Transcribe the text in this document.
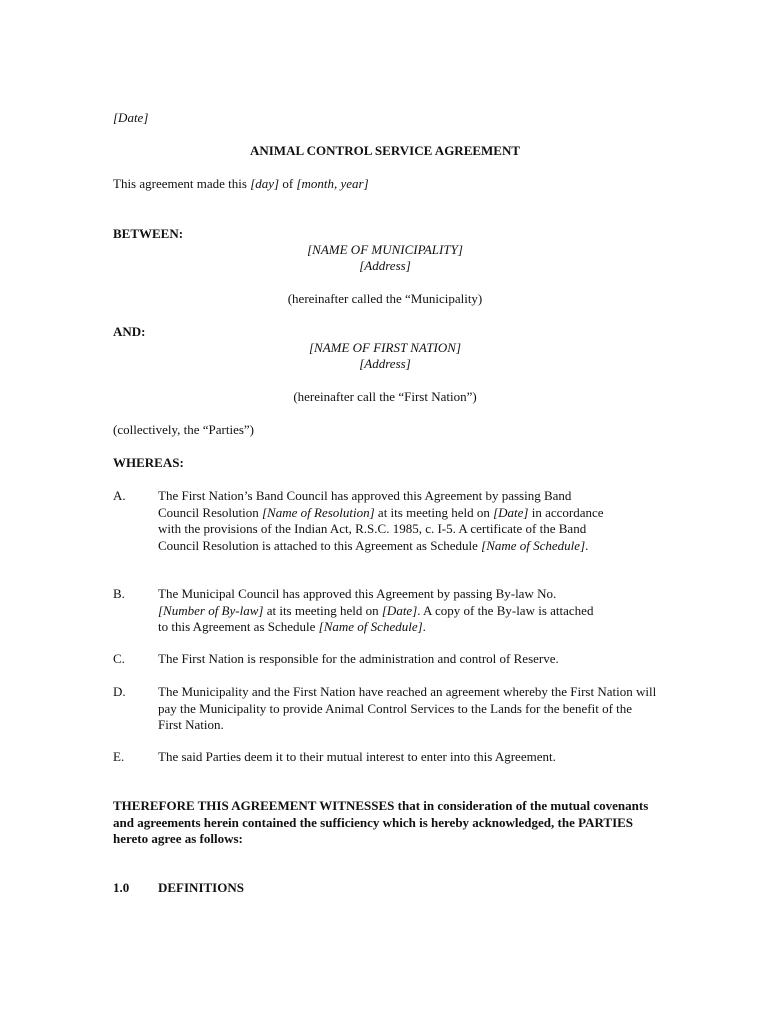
[Date]
ANIMAL CONTROL SERVICE AGREEMENT
This agreement made this [day] of [month, year]
BETWEEN:
[NAME OF MUNICIPALITY]
[Address]
(hereinafter called the “Municipality)
AND:
[NAME OF FIRST NATION]
[Address]
(hereinafter call the “First Nation”)
(collectively, the “Parties”)
WHEREAS:
A. The First Nation’s Band Council has approved this Agreement by passing Band Council Resolution [Name of Resolution] at its meeting held on [Date] in accordance with the provisions of the Indian Act, R.S.C. 1985, c. I-5. A certificate of the Band Council Resolution is attached to this Agreement as Schedule [Name of Schedule].
B.	The Municipal Council has approved this Agreement by passing By-law No. [Number of By-law] at its meeting held on [Date]. A copy of the By-law is attached to this Agreement as Schedule [Name of Schedule].
C.	The First Nation is responsible for the administration and control of Reserve.
D. The Municipality and the First Nation have reached an agreement whereby the First Nation will pay the Municipality to provide Animal Control Services to the Lands for the benefit of the First Nation.
E.	The said Parties deem it to their mutual interest to enter into this Agreement.
THEREFORE THIS AGREEMENT WITNESSES that in consideration of the mutual covenants and agreements herein contained the sufficiency which is hereby acknowledged, the PARTIES hereto agree as follows:
1.0 DEFINITIONS
